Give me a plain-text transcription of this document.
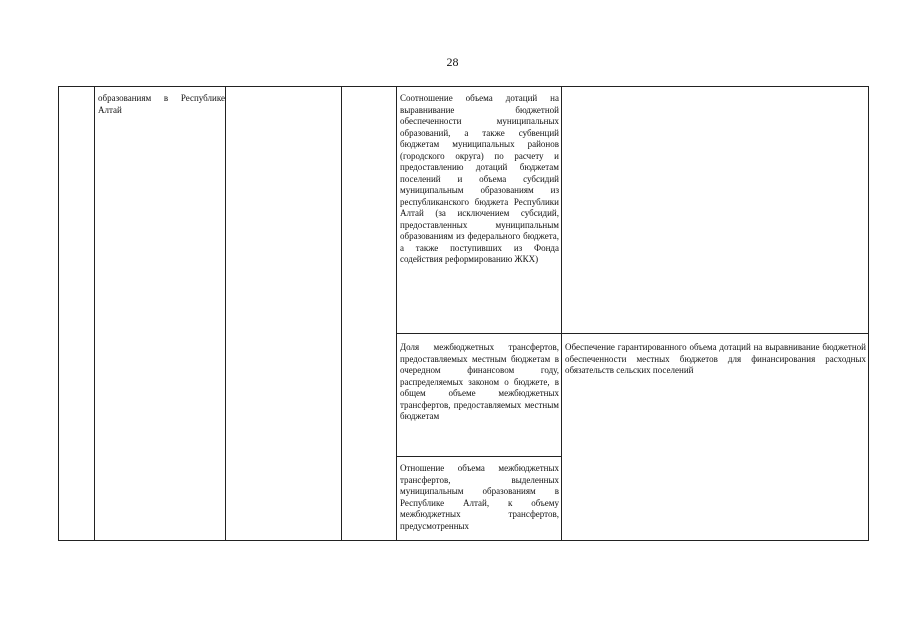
28
образованиям в Республике Алтай
Соотношение объема дотаций на выравнивание бюджетной обеспеченности муниципальных образований, а также субвенций бюджетам муниципальных районов (городского округа) по расчету и предоставлению дотаций бюджетам поселений и объема субсидий муниципальным образованиям из республиканского бюджета Республики Алтай (за исключением субсидий, предоставленных муниципальным образованиям из федерального бюджета, а также поступивших из Фонда содействия реформированию ЖКХ)
Доля межбюджетных трансфертов, предоставляемых местным бюджетам в очередном финансовом году, распределяемых законом о бюджете, в общем объеме межбюджетных трансфертов, предоставляемых местным бюджетам
Отношение объема межбюджетных трансфертов, выделенных муниципальным образованиям в Республике Алтай, к объему межбюджетных трансфертов, предусмотренных
Обеспечение гарантированного объема дотаций на выравнивание бюджетной обеспеченности местных бюджетов для финансирования расходных обязательств сельских поселений
